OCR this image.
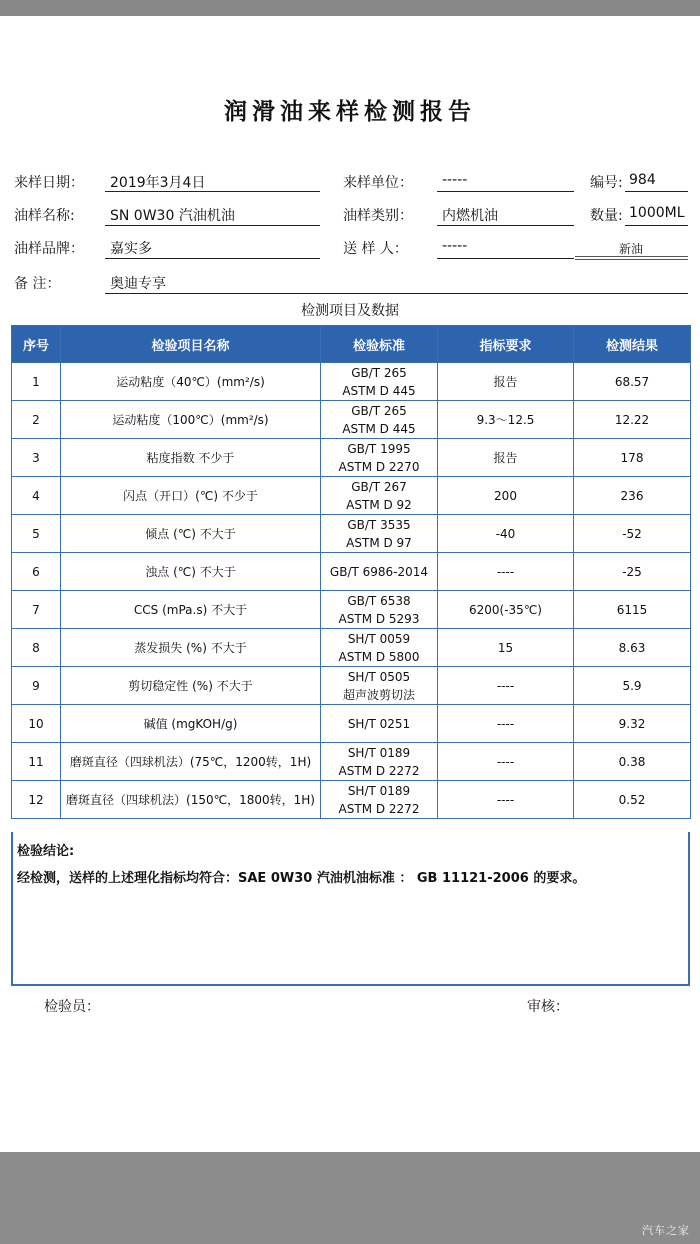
润滑油来样检测报告
来样日期： 2019年3月4日	来样单位： -----	编号: 984
油样名称:	SN 0W30 汽油机油	油样类别： 内燃机油	数量: 1000ML
油样品牌： 嘉实多	送 样 人： -----	新油
备 注：	奥迪专享
检测项目及数据
序号	检验项目名称	检验标准	指标要求	检测结果

1	运动粘度（40℃）(mm²/s)	GB/T 265
ASTM D 445	报告	68.57

2	运动粘度（100℃）(mm²/s)	GB/T 265
ASTM D 445	9.3～12.5	12.22

3	粘度指数 不少于	GB/T 1995
ASTM D 2270	报告	178

4	闪点（开口）(℃) 不少于	GB/T 267
ASTM D 92	200	236

5	倾点 (℃) 不大于	GB/T 3535
ASTM D 97	-40	-52

6	浊点 (℃) 不大于	GB/T 6986-2014	----	-25

7	CCS (mPa.s) 不大于	GB/T 6538
ASTM D 5293	6200(-35℃)	6115

8	蒸发损失 (%) 不大于	SH/T 0059
ASTM D 5800	15	8.63

9	剪切稳定性 (%) 不大于	SH/T 0505
超声波剪切法	----	5.9

10	碱值 (mgKOH/g)	SH/T 0251	----	9.32

11	磨斑直径（四球机法）(75℃，1200转，1H)	SH/T 0189
ASTM D 2272	----	0.38

12	磨斑直径（四球机法）(150℃，1800转，1H)	SH/T 0189
ASTM D 2272	----	0.52
检验结论:
经检测，送样的上述理化指标均符合：SAE 0W30 汽油机油标准 ： GB 11121-2006 的要求。
检验员：	审核：
汽车之家
